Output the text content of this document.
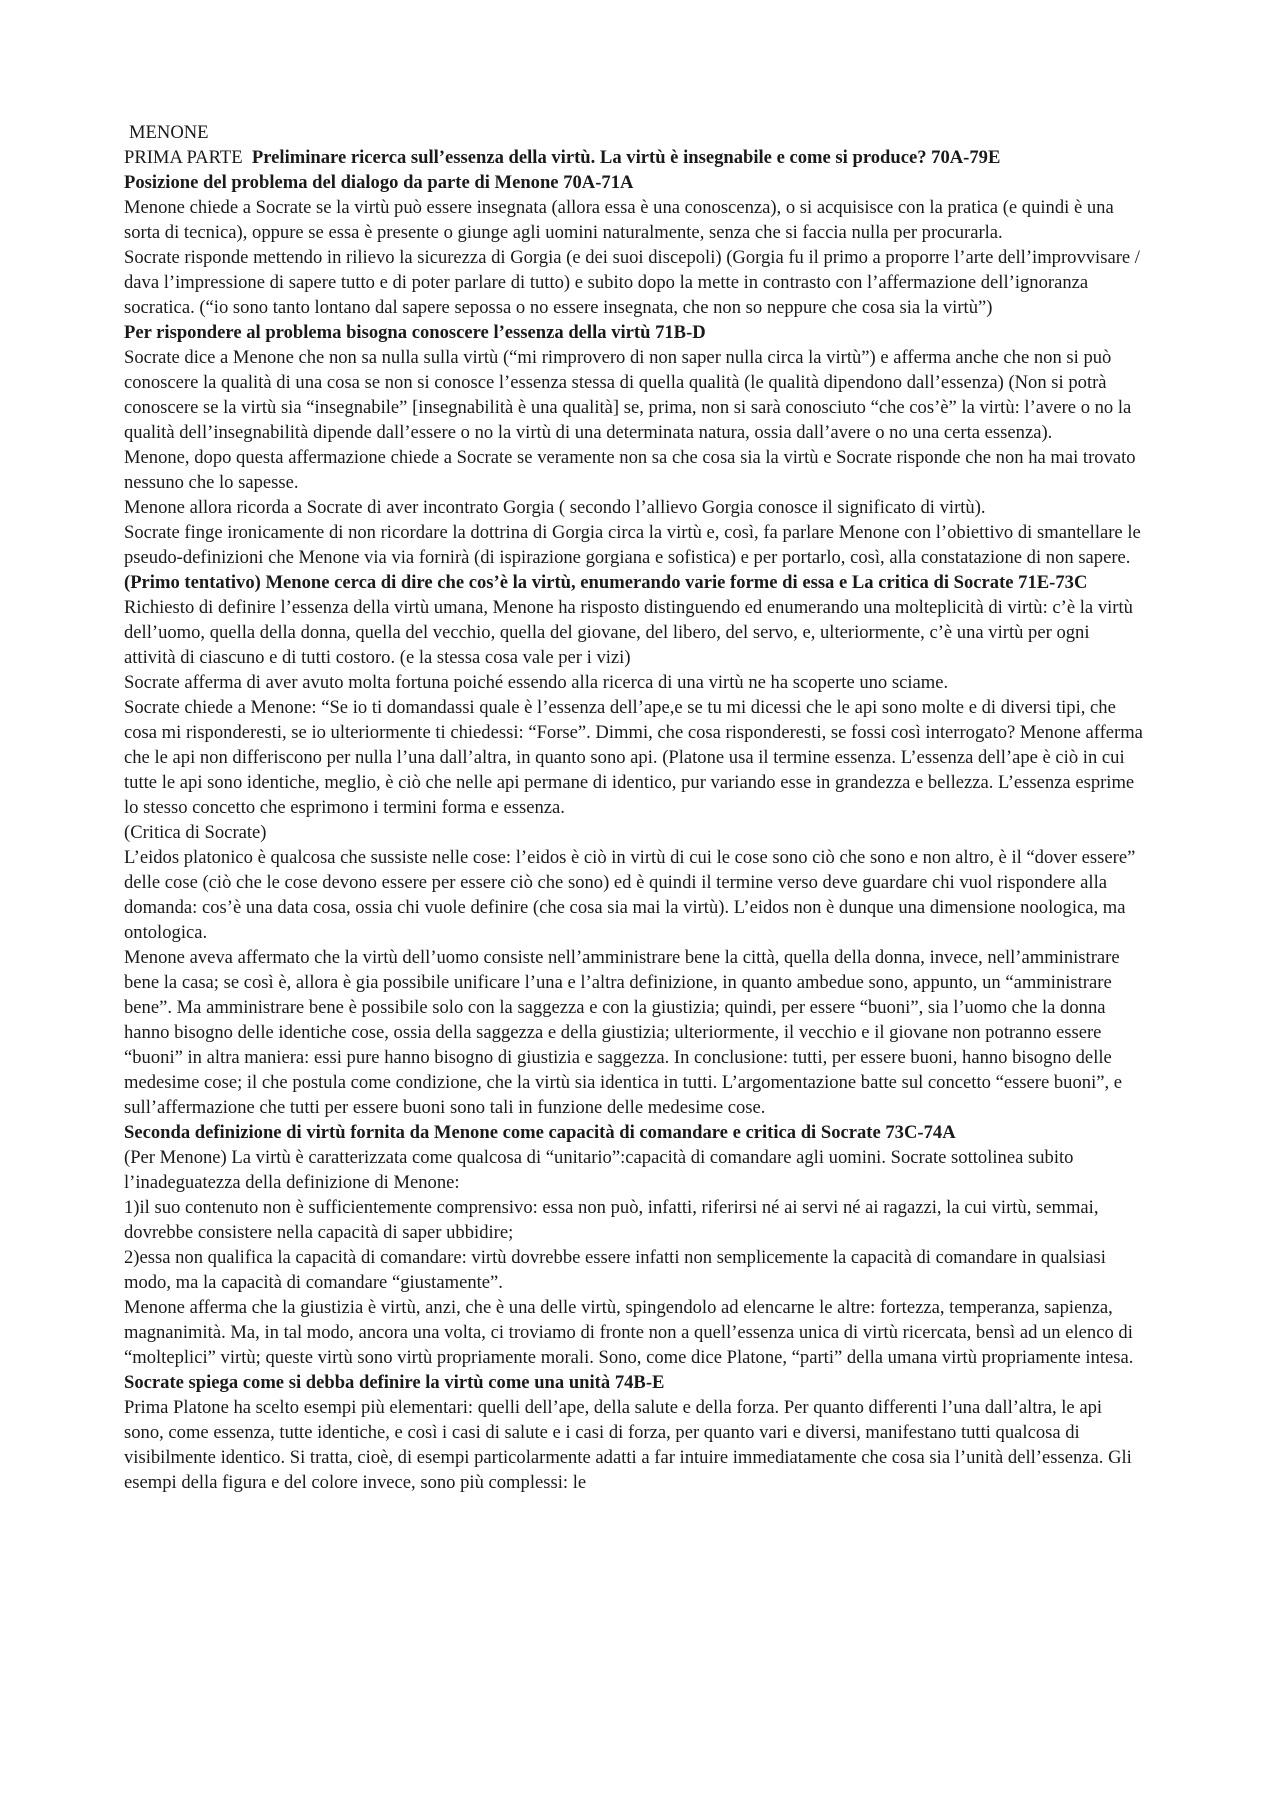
MENONE

PRIMA PARTE Preliminare ricerca sull’essenza della virtù. La virtù è insegnabile e come si produce? 70A-79E

Posizione del problema del dialogo da parte di Menone 70A-71A

Menone chiede a Socrate se la virtù può essere insegnata (allora essa è una conoscenza), o si acquisisce con la pratica (e quindi è una sorta di tecnica), oppure se essa è presente o giunge agli uomini naturalmente, senza che si faccia nulla per procurarla.

Socrate risponde mettendo in rilievo la sicurezza di Gorgia (e dei suoi discepoli) (Gorgia fu il primo a proporre l’arte dell’improvvisare / dava l’impressione di sapere tutto e di poter parlare di tutto) e subito dopo la mette in contrasto con l’affermazione dell’ignoranza socratica. (“io sono tanto lontano dal sapere sepossa o no essere insegnata, che non so neppure che cosa sia la virtù”)

Per rispondere al problema bisogna conoscere l’essenza della virtù 71B-D

Socrate dice a Menone che non sa nulla sulla virtù (“mi rimprovero di non saper nulla circa la virtù”) e afferma anche che non si può conoscere la qualità di una cosa se non si conosce l’essenza stessa di quella qualità (le qualità dipendono dall’essenza) (Non si potrà conoscere se la virtù sia “insegnabile” [insegnabilità è una qualità] se, prima, non si sarà conosciuto “che cos’è” la virtù: l’avere o no la qualità dell’insegnabilità dipende dall’essere o no la virtù di una determinata natura, ossia dall’avere o no una certa essenza).

Menone, dopo questa affermazione chiede a Socrate se veramente non sa che cosa sia la virtù e Socrate risponde che non ha mai trovato nessuno che lo sapesse.

Menone allora ricorda a Socrate di aver incontrato Gorgia ( secondo l’allievo Gorgia conosce il significato di virtù).

Socrate finge ironicamente di non ricordare la dottrina di Gorgia circa la virtù e, così, fa parlare Menone con l’obiettivo di smantellare le pseudo-definizioni che Menone via via fornirà (di ispirazione gorgiana e sofistica) e per portarlo, così, alla constatazione di non sapere.

(Primo tentativo) Menone cerca di dire che cos’è la virtù, enumerando varie forme di essa e La critica di Socrate 71E-73C

Richiesto di definire l’essenza della virtù umana, Menone ha risposto distinguendo ed enumerando una molteplicità di virtù: c’è la virtù dell’uomo, quella della donna, quella del vecchio, quella del giovane, del libero, del servo, e, ulteriormente, c’è una virtù per ogni attività di ciascuno e di tutti costoro. (e la stessa cosa vale per i vizi)

Socrate afferma di aver avuto molta fortuna poiché essendo alla ricerca di una virtù ne ha scoperte uno sciame.

Socrate chiede a Menone: “Se io ti domandassi quale è l’essenza dell’ape,e se tu mi dicessi che le api sono molte e di diversi tipi, che cosa mi risponderesti, se io ulteriormente ti chiedessi: “Forse”. Dimmi, che cosa risponderesti, se fossi così interrogato? Menone afferma che le api non differiscono per nulla l’una dall’altra, in quanto sono api. (Platone usa il termine essenza. L’essenza dell’ape è ciò in cui tutte le api sono identiche, meglio, è ciò che nelle api permane di identico, pur variando esse in grandezza e bellezza. L’essenza esprime lo stesso concetto che esprimono i termini forma e essenza.

(Critica di Socrate)

L’eidos platonico è qualcosa che sussiste nelle cose: l’eidos è ciò in virtù di cui le cose sono ciò che sono e non altro, è il “dover essere” delle cose (ciò che le cose devono essere per essere ciò che sono) ed è quindi il termine verso deve guardare chi vuol rispondere alla domanda: cos’è una data cosa, ossia chi vuole definire (che cosa sia mai la virtù). L’eidos non è dunque una dimensione noologica, ma ontologica.

Menone aveva affermato che la virtù dell’uomo consiste nell’amministrare bene la città, quella della donna, invece, nell’amministrare bene la casa; se così è, allora è gia possibile unificare l’una e l’altra definizione, in quanto ambedue sono, appunto, un “amministrare bene”. Ma amministrare bene è possibile solo con la saggezza e con la giustizia; quindi, per essere “buoni”, sia l’uomo che la donna hanno bisogno delle identiche cose, ossia della saggezza e della giustizia; ulteriormente, il vecchio e il giovane non potranno essere “buoni” in altra maniera: essi pure hanno bisogno di giustizia e saggezza. In conclusione: tutti, per essere buoni, hanno bisogno delle medesime cose; il che postula come condizione, che la virtù sia identica in tutti. L’argomentazione batte sul concetto “essere buoni”, e sull’affermazione che tutti per essere buoni sono tali in funzione delle medesime cose.

Seconda definizione di virtù fornita da Menone come capacità di comandare e critica di Socrate 73C-74A

(Per Menone) La virtù è caratterizzata come qualcosa di “unitario”:capacità di comandare agli uomini. Socrate sottolinea subito l’inadeguatezza della definizione di Menone:

1)il suo contenuto non è sufficientemente comprensivo: essa non può, infatti, riferirsi né ai servi né ai ragazzi, la cui virtù, semmai, dovrebbe consistere nella capacità di saper ubbidire;

2)essa non qualifica la capacità di comandare: virtù dovrebbe essere infatti non semplicemente la capacità di comandare in qualsiasi modo, ma la capacità di comandare “giustamente”.

Menone afferma che la giustizia è virtù, anzi, che è una delle virtù, spingendolo ad elencarne le altre: fortezza, temperanza, sapienza, magnanimità. Ma, in tal modo, ancora una volta, ci troviamo di fronte non a quell’essenza unica di virtù ricercata, bensì ad un elenco di “molteplici” virtù; queste virtù sono virtù propriamente morali. Sono, come dice Platone, “parti” della umana virtù propriamente intesa.

Socrate spiega come si debba definire la virtù come una unità 74B-E

Prima Platone ha scelto esempi più elementari: quelli dell’ape, della salute e della forza. Per quanto differenti l’una dall’altra, le api sono, come essenza, tutte identiche, e così i casi di salute e i casi di forza, per quanto vari e diversi, manifestano tutti qualcosa di visibilmente identico. Si tratta, cioè, di esempi particolarmente adatti a far intuire immediatamente che cosa sia l’unità dell’essenza. Gli esempi della figura e del colore invece, sono più complessi: le
